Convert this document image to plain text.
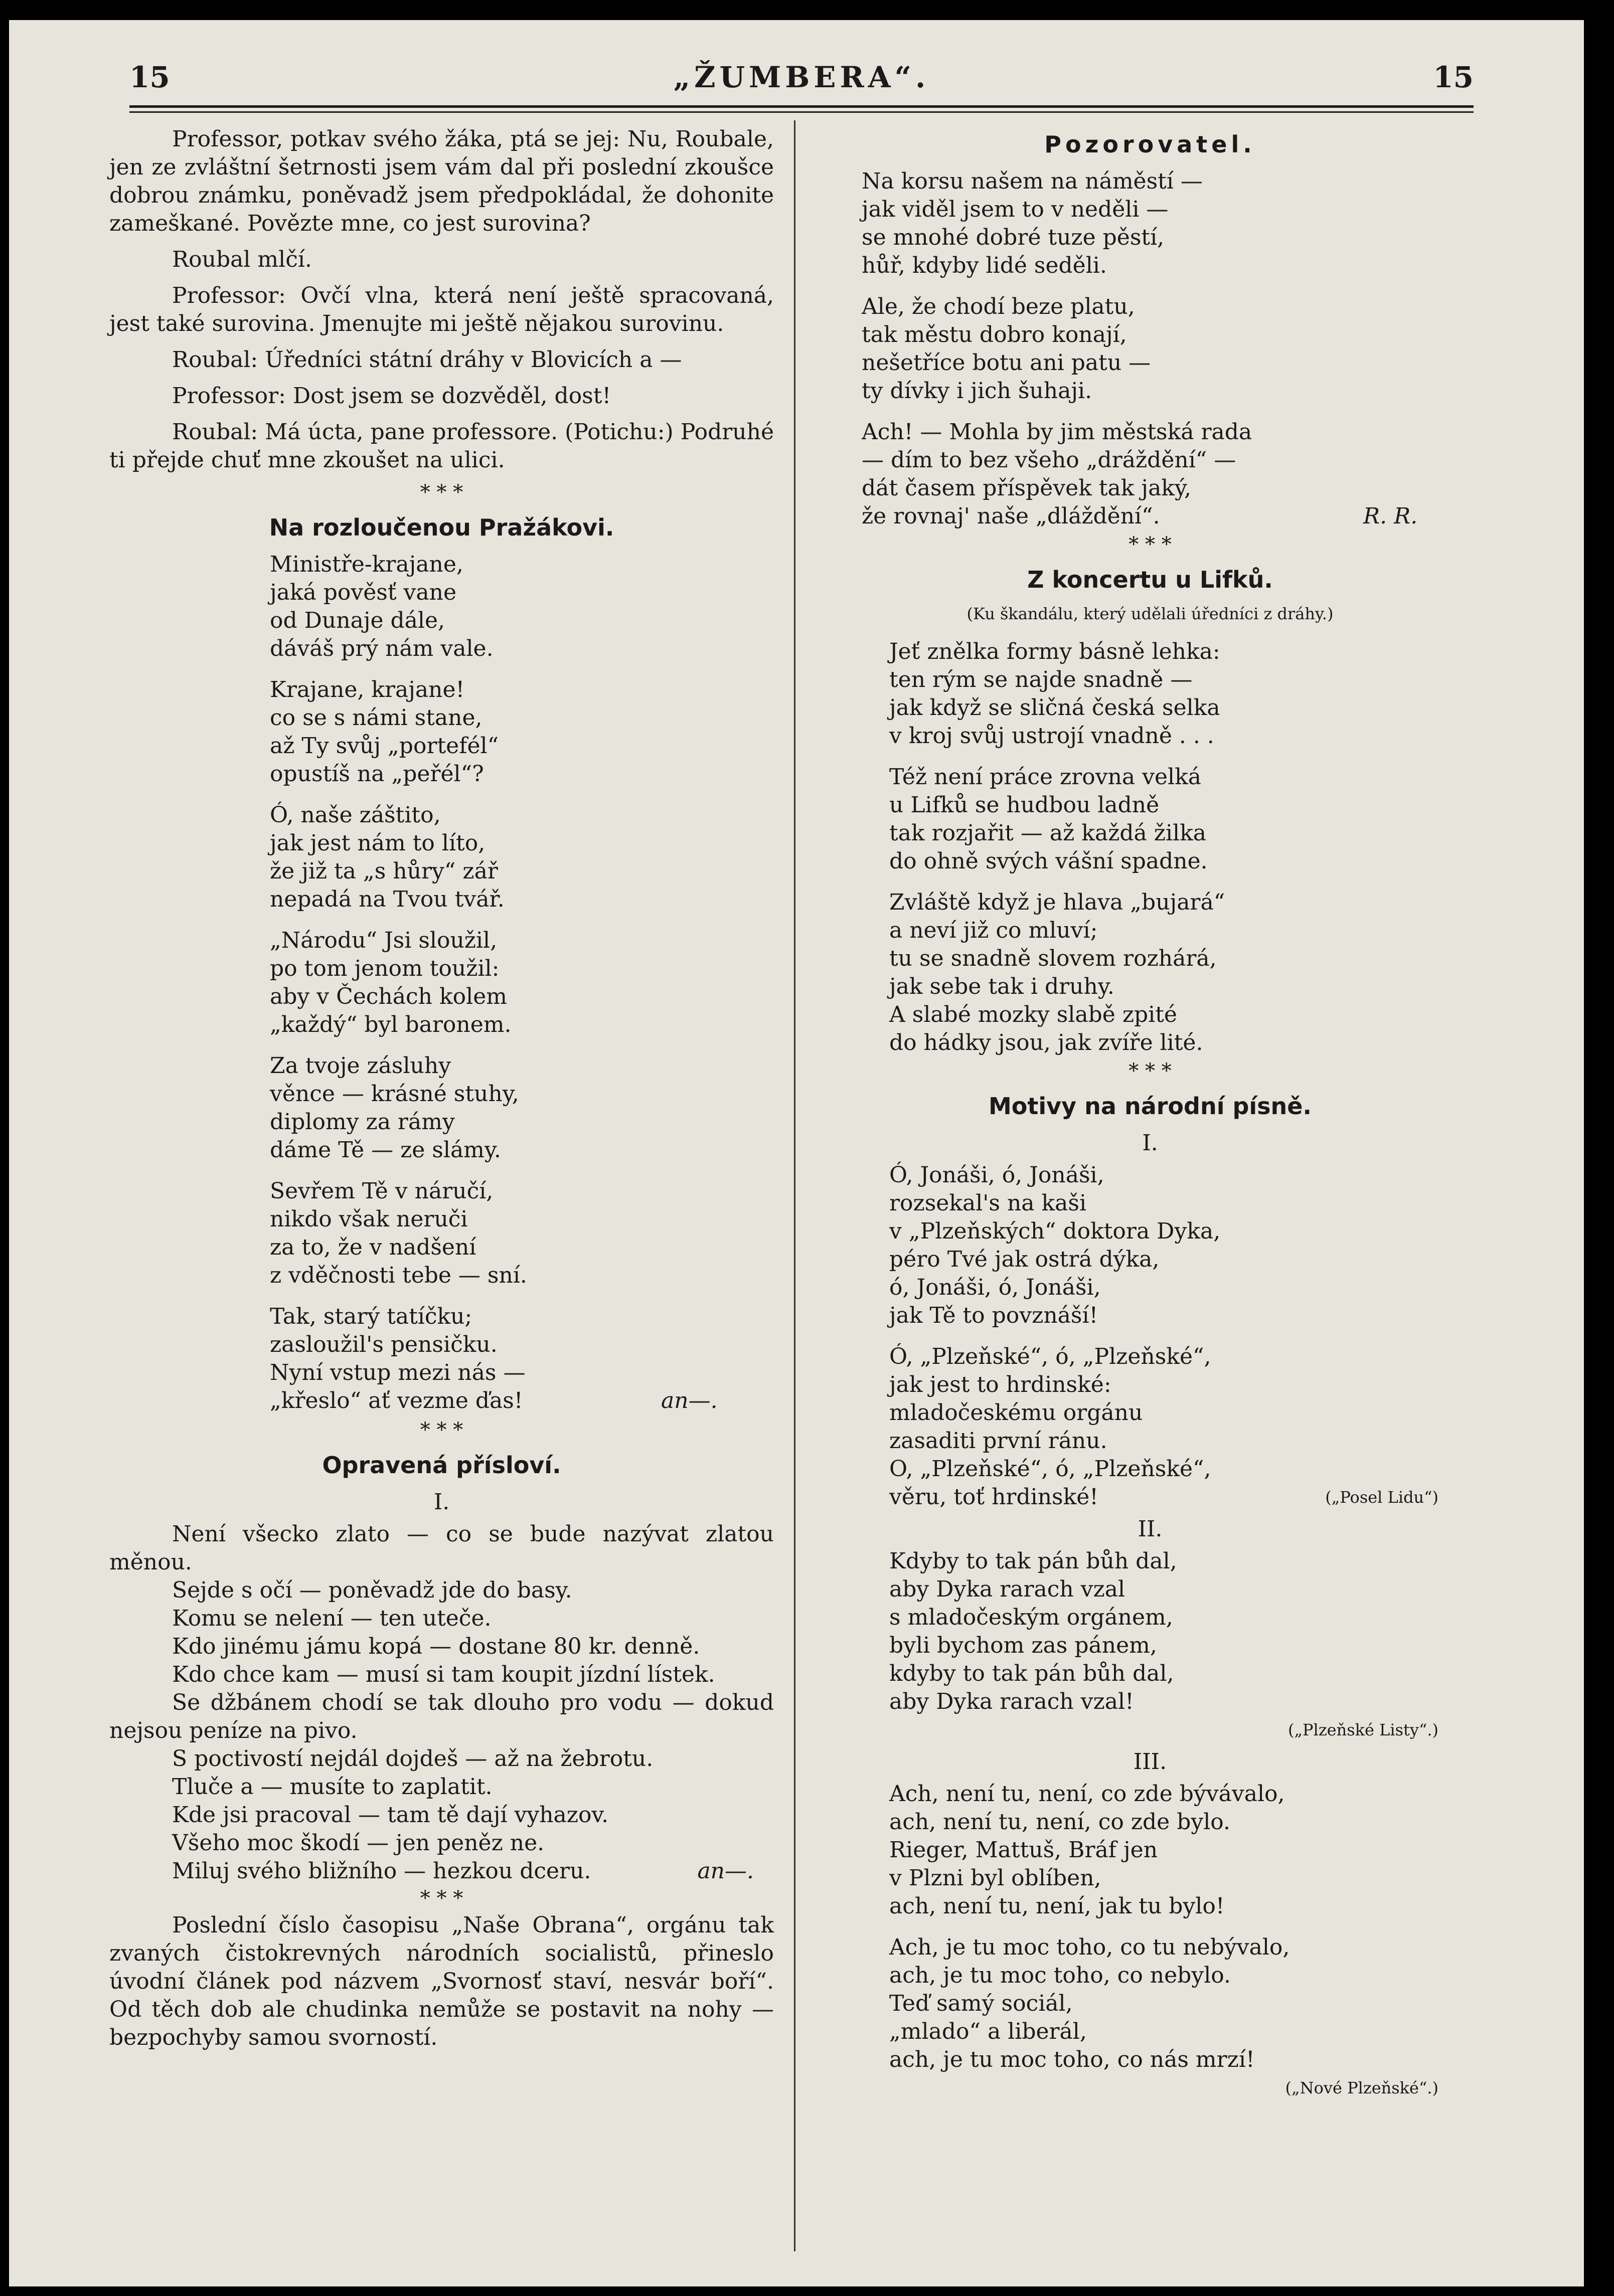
15	„ŽUMBERA“.	15

Professor, potkav svého žáka, ptá se jej: Nu, Roubale, jen ze zvláštní šetrnosti jsem vám dal při poslední zkoušce dobrou známku, poněvadž jsem předpokládal, že dohonite zameškané. Povězte mne, co jest surovina?

Roubal mlčí.

Professor: Ovčí vlna, která není ještě spracovaná, jest také surovina. Jmenujte mi ještě nějakou surovinu.

Roubal: Úředníci státní dráhy v Blovicích a —

Professor: Dost jsem se dozvěděl, dost!

Roubal: Má úcta, pane professore. (Potichu:) Podruhé ti přejde chuť mne zkoušet na ulici.

* * *
Na rozloučenou Pražákovi.
Ministře-krajane,
jaká pověsť vane
od Dunaje dále,
dáváš prý nám vale.
Krajane, krajane!
co se s námi stane,
až Ty svůj „portefél“
opustíš na „peřél“?
Ó, naše záštito,
jak jest nám to líto,
že již ta „s hůry“ zář
nepadá na Tvou tvář.
„Národu“ Jsi sloužil,
po tom jenom toužil:
aby v Čechách kolem
„každý“ byl baronem.
Za tvoje zásluhy
věnce — krásné stuhy,
diplomy za rámy
dáme Tě — ze slámy.
Sevřem Tě v náručí,
nikdo však neruči
za to, že v nadšení
z vděčnosti tebe — sní.
Tak, starý tatíčku;
zasloužil's pensičku.
Nyní vstup mezi nás —
„křeslo“ ať vezme ďas!	an—.
* * *
Opravená přísloví.
I.

Není všecko zlato — co se bude nazývat zlatou měnou.

Sejde s očí — poněvadž jde do basy.

Komu se nelení — ten uteče.

Kdo jinému jámu kopá — dostane 80 kr. denně.

Kdo chce kam — musí si tam koupit jízdní lístek.

Se džbánem chodí se tak dlouho pro vodu — dokud nejsou peníze na pivo.

S poctivostí nejdál dojdeš — až na žebrotu.

Tluče a — musíte to zaplatit.

Kde jsi pracoval — tam tě dají vyhazov.

Všeho moc škodí — jen peněz ne.

Miluj svého bližního — hezkou dceru.	an—.

* * *

Poslední číslo časopisu „Naše Obrana“, orgánu tak zvaných čistokrevných národních socialistů, přineslo úvodní článek pod názvem „Svornosť staví, nesvár boří“. Od těch dob ale chudinka nemůže se postavit na nohy — bezpochyby samou svorností.

Pozorovatel.
Na korsu našem na náměstí —
jak viděl jsem to v neděli —
se mnohé dobré tuze pěstí,
hůř, kdyby lidé seděli.
Ale, že chodí beze platu,
tak městu dobro konají,
nešetříce botu ani patu —
ty dívky i jich šuhaji.
Ach! — Mohla by jim městská rada
— dím to bez všeho „dráždění“ —
dát časem příspěvek tak jaký,
že rovnaj' naše „dláždění“.	R. R.
* * *
Z koncertu u Lifků.
(Ku škandálu, který udělali úředníci z dráhy.)
Jeť znělka formy básně lehka:
ten rým se najde snadně —
jak když se sličná česká selka
v kroj svůj ustrojí vnadně . . .
Též není práce zrovna velká
u Lifků se hudbou ladně
tak rozjařit — až každá žilka
do ohně svých vášní spadne.
Zvláště když je hlava „bujará“
a neví již co mluví;
tu se snadně slovem rozhárá,
jak sebe tak i druhy.
A slabé mozky slabě zpité
do hádky jsou, jak zvíře lité.
* * *
Motivy na národní písně.
I.
Ó, Jonáši, ó, Jonáši,
rozsekal's na kaši
v „Plzeňských“ doktora Dyka,
péro Tvé jak ostrá dýka,
ó, Jonáši, ó, Jonáši,
jak Tě to povznáší!
Ó, „Plzeňské“, ó, „Plzeňské“,
jak jest to hrdinské:
mladočeskému orgánu
zasaditi první ránu.
O, „Plzeňské“, ó, „Plzeňské“,
věru, toť hrdinské!	(„Posel Lidu“)
II.
Kdyby to tak pán bůh dal,
aby Dyka rarach vzal
s mladočeským orgánem,
byli bychom zas pánem,
kdyby to tak pán bůh dal,
aby Dyka rarach vzal!
(„Plzeňské Listy“.)
III.
Ach, není tu, není, co zde bývávalo,
ach, není tu, není, co zde bylo.
Rieger, Mattuš, Bráf jen
v Plzni byl oblíben,
ach, není tu, není, jak tu bylo!
Ach, je tu moc toho, co tu nebývalo,
ach, je tu moc toho, co nebylo.
Teď samý sociál,
„mlado“ a liberál,
ach, je tu moc toho, co nás mrzí!
(„Nové Plzeňské“.)
